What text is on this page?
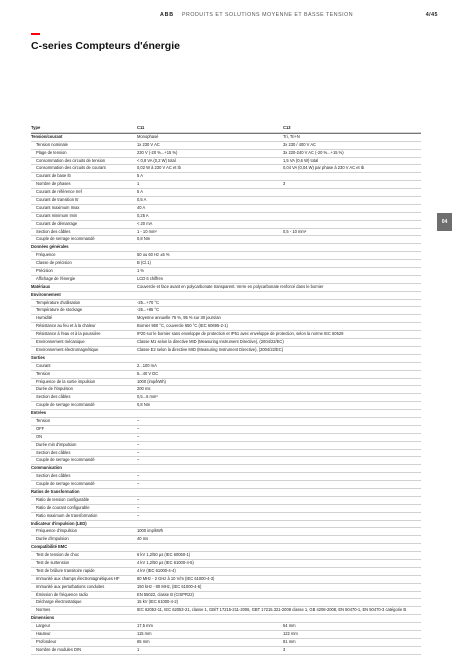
ABB PRODUITS ET SOLUTIONS MOYENNE ET BASSE TENSION	4/45
C-series Compteurs d'énergie
04
Type	C11	C13
Tension/courant	Monophasé	Tri, Tri+N
Tension nominale	1x 230 V AC	3x 230 / 400 V AC
Plage de tension	230 V (-20 %...+15 %)	3x 220-240 V AC (-20 %...+15 %)
Consommation des circuits de tension	< 0,8 VA (0,2 W) total	1,5 VA (0,6 W) total
Consommation des circuits de courant	0,02 W à 230 V AC et Ib	0,04 VA (0,04 W) par phase à 230 V AC et Ib
Courant de base Ib	5 A
Nombre de phases	1	3
Courant de référence Iref	5 A
Courant de transition Itr	0,5 A
Courant maximum Imax	40 A
Courant minimum Imin	0,25 A
Courant de démarrage	< 20 mA
Section des câbles	1 - 10 mm²	0,5 - 10 mm²
Couple de serrage recommandé	0,8 Nm
Données générales
Fréquence	50 ou 60 Hz ±5 %
Classe de précision	B (Cl.1)
Précision	1 %
Affichage de l'énergie	LCD 6 chiffres
Matériaux	Couvercle et face avant en polycarbonate transparent. Verre en polycarbonate renforcé dans le bornier
Environnement
Température d'utilisation	-25...+70 °C
Température de stockage	-25...+85 °C
Humidité	Moyenne annuelle 75 %, 95 % sur 30 jours/an
Résistance au feu et à la chaleur	Bornier 960 °C, couvercle 650 °C (IEC 60695-2-1)
Résistance à l'eau et à la poussière	IP20 sur le bornier sans enveloppe de protection et IP51 avec enveloppe de protection, selon la norme IEC 60529
Environnement mécanique	Classe M1 selon la directive MID (Measuring Instrument Directive), (2004/22/EC)
Environnement électromagnétique	Classe E2 selon la directive MID (Measuring Instrument Directive), (2004/22/EC)
Sorties
Courant	2...100 mA
Tension	5...40 V DC
Fréquence de la sortie impulsion	1000 (imp/kWh)
Durée de l'impulsion	200 ms
Section des câbles	0,5...6 mm²
Couple de serrage recommandé	0,8 Nm
Entrées
Tension	–
OFF	–
ON	–
Durée min d'impulsion	–
Section des câbles	–
Couple de serrage recommandé	–
Communication
Section des câbles	–
Couple de serrage recommandé	–
Ratios de transformation
Ratio de tension configurable	–
Ratio de courant configurable	–
Ratio maximum de transformation	–
Indicateur d'impulsion (LED)
Fréquence d'impulsion	1000 imp/kWh
Durée d'impulsion	40 ms
Compatibilité EMC
Test de tension de choc	6 kV 1,2/50 µs (IEC 60060-1)
Test de surtension	4 kV 1,2/50 µs (IEC 61000-4-5)
Test de brûlure transitoire rapide	4 kV (IEC 61000-4-4)
Immunité aux champs électromagnétiques HF	80 MHz - 2 GHz à 10 V/m (IEC 61000-4-3)
Immunité aux perturbations conduites	150 kHz - 80 MHz, (IEC 61000-4-6)
Émission de fréquence radio	EN 55022, classe B (CISPR22)
Décharge électrostatique	15 kV (IEC 61000-4-2)
Normes	IEC 62052-11, IEC 62053-21, classe 1, GB/T 17215-211-2006, GBT 17215.321-2008 classe 1, GB 4208-2008, EN 50470-1, EN 50470-3 catégorie B
Dimensions
Largeur	17,5 mm	54 mm
Hauteur	115 mm	122 mm
Profondeur	65 mm	81 mm
Nombre de modules DIN	1	3
